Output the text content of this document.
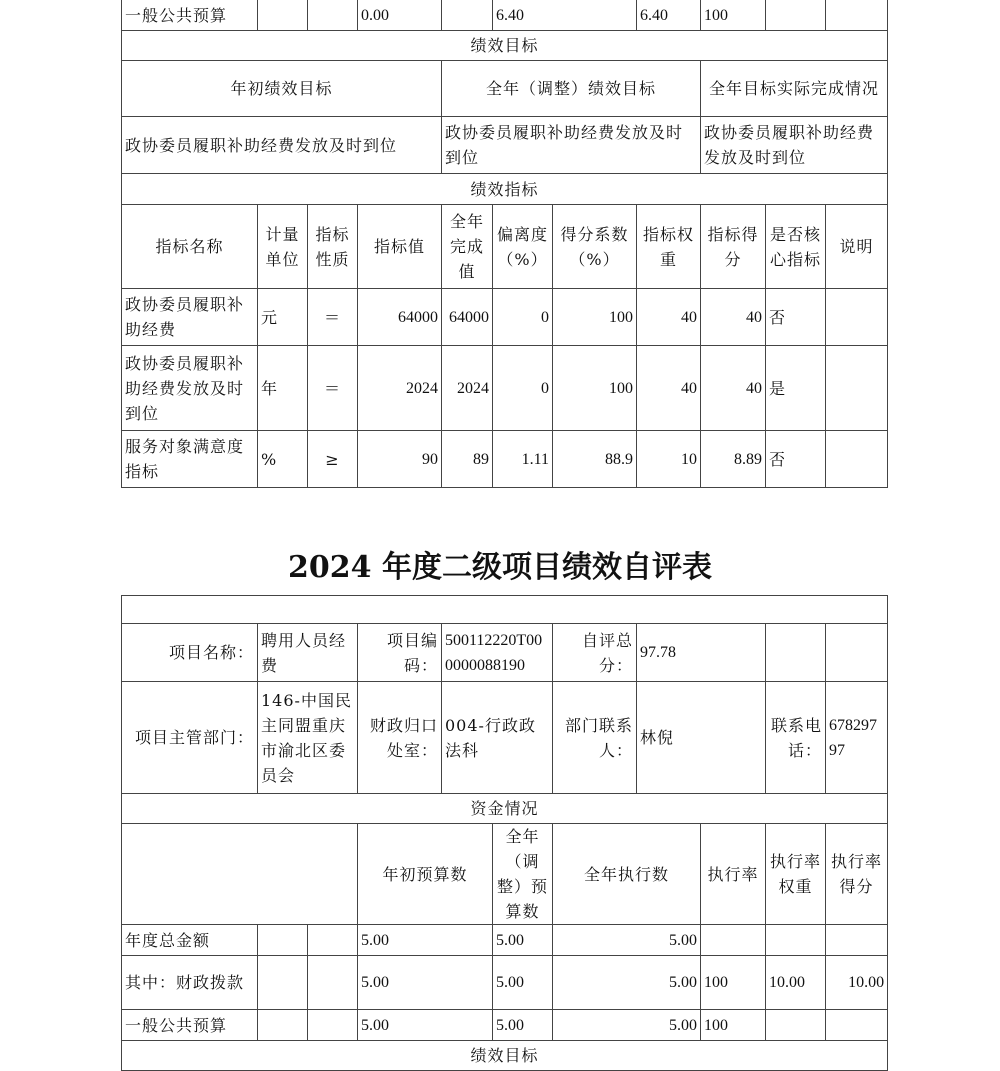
一般公共预算			0.00		6.40		6.40	100		
绩效目标										
年初绩效目标				全年（调整）绩效目标				全年目标实际完成情况		
政协委员履职补助经费发放及时到位				政协委员履职补助经费发放及时到位				政协委员履职补助经费发放及时到位		
绩效指标										
指标名称	计量单位	指标性质	指标值	全年完成值	偏离度（%）	得分系数（%）	指标权重	指标得分	是否核心指标	说明
政协委员履职补助经费	元	＝	64000	64000	0	100	40	40	否	
政协委员履职补助经费发放及时到位	年	＝	2024	2024	0	100	40	40	是	
服务对象满意度指标	%	≥	90	89	1.11	88.9	10	8.89	否	
2024 年度二级项目绩效自评表

项目名称：	聘用人员经费		项目编码：	500112220T000000088190		自评总分：	97.78			
项目主管部门：	146-中国民主同盟重庆市渝北区委员会		财政归口处室：	004-行政政法科		部门联系人：	林倪		联系电话：	67829797
资金情况										
			年初预算数		全年（调整）预算数	全年执行数		执行率	执行率权重	执行率得分
年度总金额			5.00		5.00	5.00				
其中：财政拨款			5.00		5.00	5.00		100	10.00	10.00
一般公共预算			5.00		5.00	5.00		100		
绩效目标										
